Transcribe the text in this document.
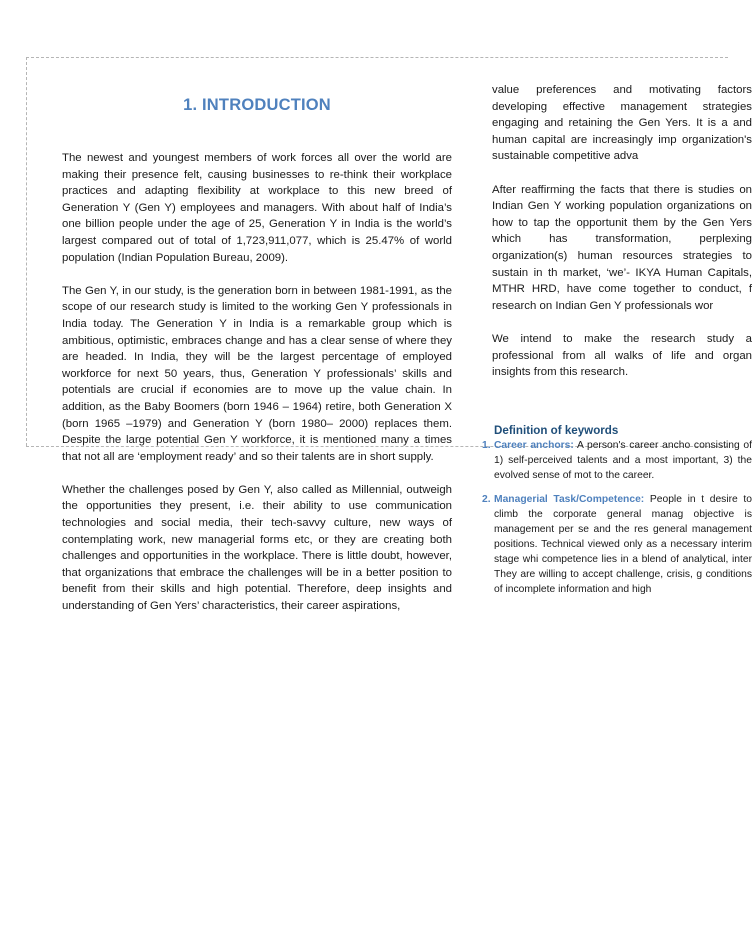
1. INTRODUCTION

The newest and youngest members of work forces all over the world are making their presence felt, causing businesses to re-think their workplace practices and adapting flexibility at workplace to this new breed of Generation Y (Gen Y) employees and managers. With about half of India’s one billion people under the age of 25, Generation Y in India is the world’s largest compared out of total of 1,723,911,077, which is 25.47% of world population (Indian Population Bureau, 2009).

The Gen Y, in our study, is the generation born in between 1981-1991, as the scope of our research study is limited to the working Gen Y professionals in India today. The Generation Y in India is a remarkable group which is ambitious, optimistic, embraces change and has a clear sense of where they are headed. In India, they will be the largest percentage of employed workforce for next 50 years, thus, Generation Y professionals’ skills and potentials are crucial if economies are to move up the value chain. In addition, as the Baby Boomers (born 1946 – 1964) retire, both Generation X (born 1965 –1979) and Generation Y (born 1980– 2000) replaces them. Despite the large potential Gen Y workforce, it is mentioned many a times that not all are ‘employment ready’ and so their talents are in short supply.

Whether the challenges posed by Gen Y, also called as Millennial, outweigh the opportunities they present, i.e. their ability to use communication technologies and social media, their tech-savvy culture, new ways of contemplating work, new managerial forms etc, or they are creating both challenges and opportunities in the workplace. There is little doubt, however, that organizations that embrace the challenges will be in a better position to benefit from their skills and high potential. Therefore, deep insights and understanding of Gen Yers’ characteristics, their career aspirations,

value preferences and motivating factors developing effective management strategies engaging and retaining the Gen Yers. It is a and human capital are increasingly imp organization's sustainable competitive adva

After reaffirming the facts that there is studies on Indian Gen Y working population organizations on how to tap the opportunit them by the Gen Yers which has transformation, perplexing organization(s) human resources strategies to sustain in th market, ‘we’- IKYA Human Capitals, MTHR HRD, have come together to conduct, f research on Indian Gen Y professionals wor

We intend to make the research study a professional from all walks of life and organ insights from this research.

Definition of keywords
1. Career anchors: A person's career ancho consisting of 1) self-perceived talents and a most important, 3) the evolved sense of mot to the career.
2. Managerial Task/Competence: People in t desire to climb the corporate general manag objective is management per se and the res general management positions. Technical viewed only as a necessary interim stage whi competence lies in a blend of analytical, inter They are willing to accept challenge, crisis, g conditions of incomplete information and high
